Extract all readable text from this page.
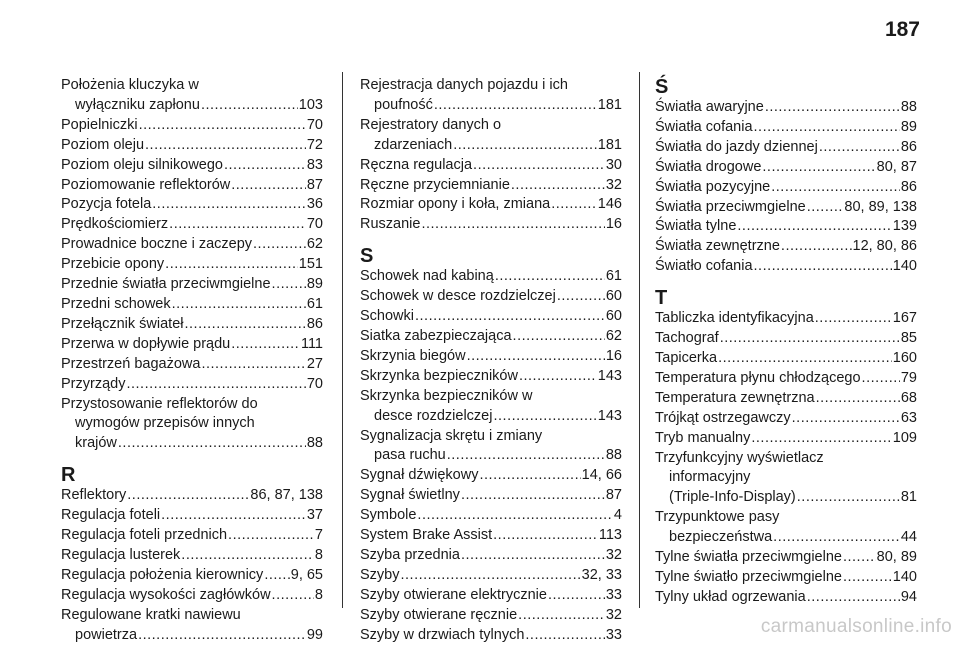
187
Położenia kluczyka w
wyłączniku zapłonu .....	103
Popielniczki .....	70
Poziom oleju .....	72
Poziom oleju silnikowego .....	83
Poziomowanie reflektorów .....	87
Pozycja fotela .....	36
Prędkościomierz .....	70
Prowadnice boczne i zaczepy .....	62
Przebicie opony .....	151
Przednie światła przeciwmgielne .....	89
Przedni schowek .....	61
Przełącznik świateł .....	86
Przerwa w dopływie prądu .....	111
Przestrzeń bagażowa .....	27
Przyrządy .....	70
Przystosowanie reflektorów do
wymogów przepisów innych
krajów .....	88
R
Reflektory .....	86, 87, 138
Regulacja foteli .....	37
Regulacja foteli przednich .....	7
Regulacja lusterek .....	8
Regulacja położenia kierownicy ..... 9, 65
Regulacja wysokości zagłówków .....	8
Regulowane kratki nawiewu
powietrza .....	99
Rejestracja danych pojazdu i ich
poufność .....	181
Rejestratory danych o
zdarzeniach .....	181
Ręczna regulacja .....	30
Ręczne przyciemnianie .....	32
Rozmiar opony i koła, zmiana .....	146
Ruszanie .....	16
S
Schowek nad kabiną .....	61
Schowek w desce rozdzielczej .....	60
Schowki .....	60
Siatka zabezpieczająca .....	62
Skrzynia biegów .....	16
Skrzynka bezpieczników .....	143
Skrzynka bezpieczników w
desce rozdzielczej .....	143
Sygnalizacja skrętu i zmiany
pasa ruchu .....	88
Sygnał dźwiękowy .....	14, 66
Sygnał świetlny .....	87
Symbole .....	4
System Brake Assist .....	113
Szyba przednia .....	32
Szyby .....	32, 33
Szyby otwierane elektrycznie .....	33
Szyby otwierane ręcznie .....	32
Szyby w drzwiach tylnych .....	33
Ś
Światła awaryjne .....	88
Światła cofania .....	89
Światła do jazdy dziennej .....	86
Światła drogowe .....	80, 87
Światła pozycyjne .....	86
Światła przeciwmgielne .....	80, 89, 138
Światła tylne .....	139
Światła zewnętrzne .....	12, 80, 86
Światło cofania .....	140
T
Tabliczka identyfikacyjna .....	167
Tachograf .....	85
Tapicerka .....	160
Temperatura płynu chłodzącego .....	79
Temperatura zewnętrzna .....	68
Trójkąt ostrzegawczy .....	63
Tryb manualny .....	109
Trzyfunkcyjny wyświetlacz
informacyjny
(Triple-Info-Display) .....	81
Trzypunktowe pasy
bezpieczeństwa .....	44
Tylne światła przeciwmgielne ..... 80, 89
Tylne światło przeciwmgielne .....	140
Tylny układ ogrzewania .....	94
carmanualsonline.info
